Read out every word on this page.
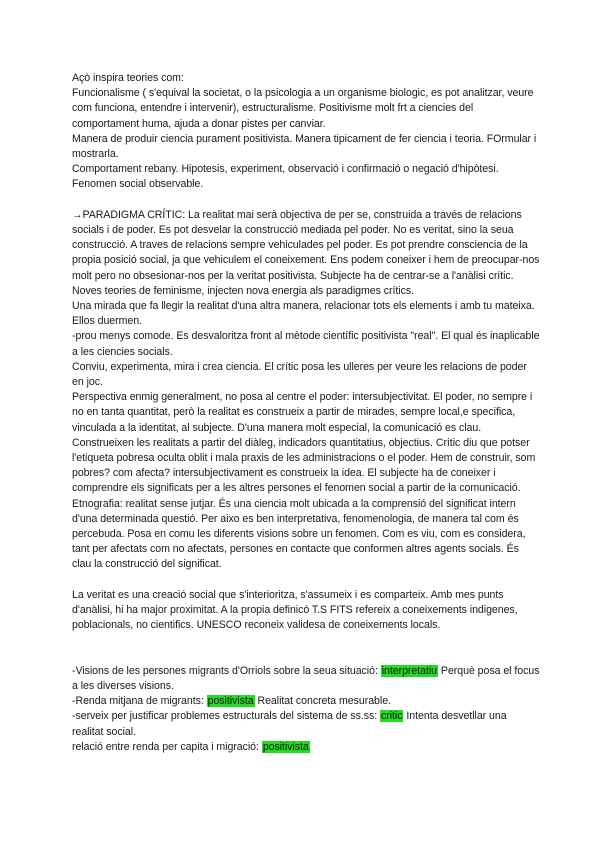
Açò inspira teories com:

Funcionalisme ( s'equival la societat, o la psicologia a un organisme biologic, es pot analitzar, veure com funciona, entendre i intervenir), estructuralisme. Positivisme molt frt a ciencies del comportament huma, ajuda a donar pistes per canviar.

Manera de produir ciencia purament positivista. Manera tipicament de fer ciencia i teoria. FOrmular i mostrarla.

Comportament rebany. Hipotesis, experiment, observació i confirmació o negació d'hipòtesi. Fenomen social observable.

→PARADIGMA CRÍTIC: La realitat mai serà objectiva de per se, construida a través de relacions socials i de poder. Es pot desvelar la construcció mediada pel poder. No es veritat, sino la seua construcció. A traves de relacions sempre vehiculades pel poder. Es pot prendre consciencia de la propia posició social, ja que vehiculem el coneixement. Ens podem coneixer i hem de preocupar-nos molt pero no obsesionar-nos per la veritat positivista. Subjecte ha de centrar-se a l'anàlisi crític. Noves teories de feminisme, injecten nova energia als paradigmes crítics.

Una mirada que fa llegir la realitat d'una altra manera, relacionar tots els elements i amb tu mateixa.

Ellos duermen.

-prou menys comode. Es desvaloritza front al mètode científic positivista "real". El qual és inaplicable a les ciencies socials.

Conviu, experimenta, mira i crea ciencia. El crític posa les ulleres per veure les relacions de poder en joc.

Perspectiva enmig generalment, no posa al centre el poder: intersubjectivitat. El poder, no sempre i no en tanta quantitat, però la realitat es construeix a partir de mirades, sempre local,e specifica, vinculada a la identitat, al subjecte. D'una manera molt especial, la comunicació es clau. Construeixen les realitats a partir del diàleg, indicadors quantitatius, objectius. Crític diu que potser l'etiqueta pobresa oculta oblit i mala praxis de les administracions o el poder. Hem de construir, som pobres? com afecta? intersubjectivament es construeix la idea. El subjecte ha de coneixer i comprendre els significats per a les altres persones el fenomen social a partir de la comunicació. Etnografia: realitat sense jutjar. És una ciencia molt ubicada a la comprensió del significat intern d'una determinada questió. Per aixo es ben interpretativa, fenomenologia, de manera tal com és percebuda. Posa en comu les diferents visions sobre un fenomen. Com es viu, com es considera, tant per afectats com no afectats, persones en contacte que conformen altres agents socials. És clau la construcció del significat.

La veritat es una creació social que s'interioritza, s'assumeix i es comparteix. Amb mes punts d'anàlisi, hi ha major proximitat. A la propia definicó T.S FITS refereix a coneixements indigenes, poblacionals, no cientifics. UNESCO reconeix validesa de coneixements locals.

-Visions de les persones migrants d'Orriols sobre la seua situació: interpretatiu Perquè posa el focus a les diverses visions.

-Renda mitjana de migrants: positivista Realitat concreta mesurable.

-serveix per justificar problemes estructurals del sistema de ss.ss: critic Intenta desvetllar una realitat social.

relació entre renda per capita i migració: positivista
